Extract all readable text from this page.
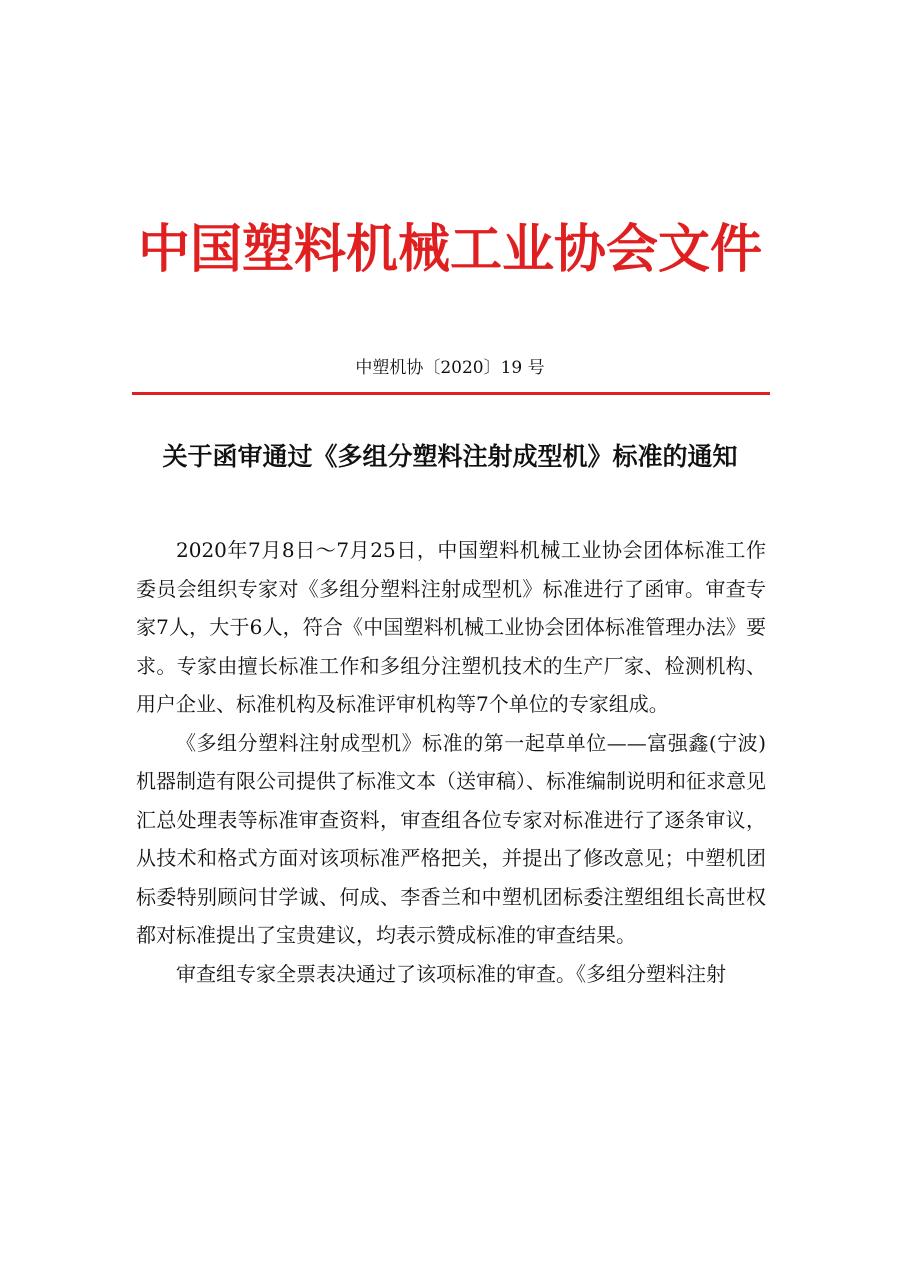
中国塑料机械工业协会文件
中塑机协〔2020〕19 号
关于函审通过《多组分塑料注射成型机》标准的通知

2020年7月8日～7月25日，中国塑料机械工业协会团体标准工作委员会组织专家对《多组分塑料注射成型机》标准进行了函审。审查专家7人，大于6人，符合《中国塑料机械工业协会团体标准管理办法》要求。专家由擅长标准工作和多组分注塑机技术的生产厂家、检测机构、用户企业、标准机构及标准评审机构等7个单位的专家组成。

《多组分塑料注射成型机》标准的第一起草单位——富强鑫(宁波)机器制造有限公司提供了标准文本（送审稿）、标准编制说明和征求意见汇总处理表等标准审查资料，审查组各位专家对标准进行了逐条审议，从技术和格式方面对该项标准严格把关，并提出了修改意见；中塑机团标委特别顾问甘学诚、何成、李香兰和中塑机团标委注塑组组长高世权都对标准提出了宝贵建议，均表示赞成标准的审查结果。

审查组专家全票表决通过了该项标准的审查。《多组分塑料注射
